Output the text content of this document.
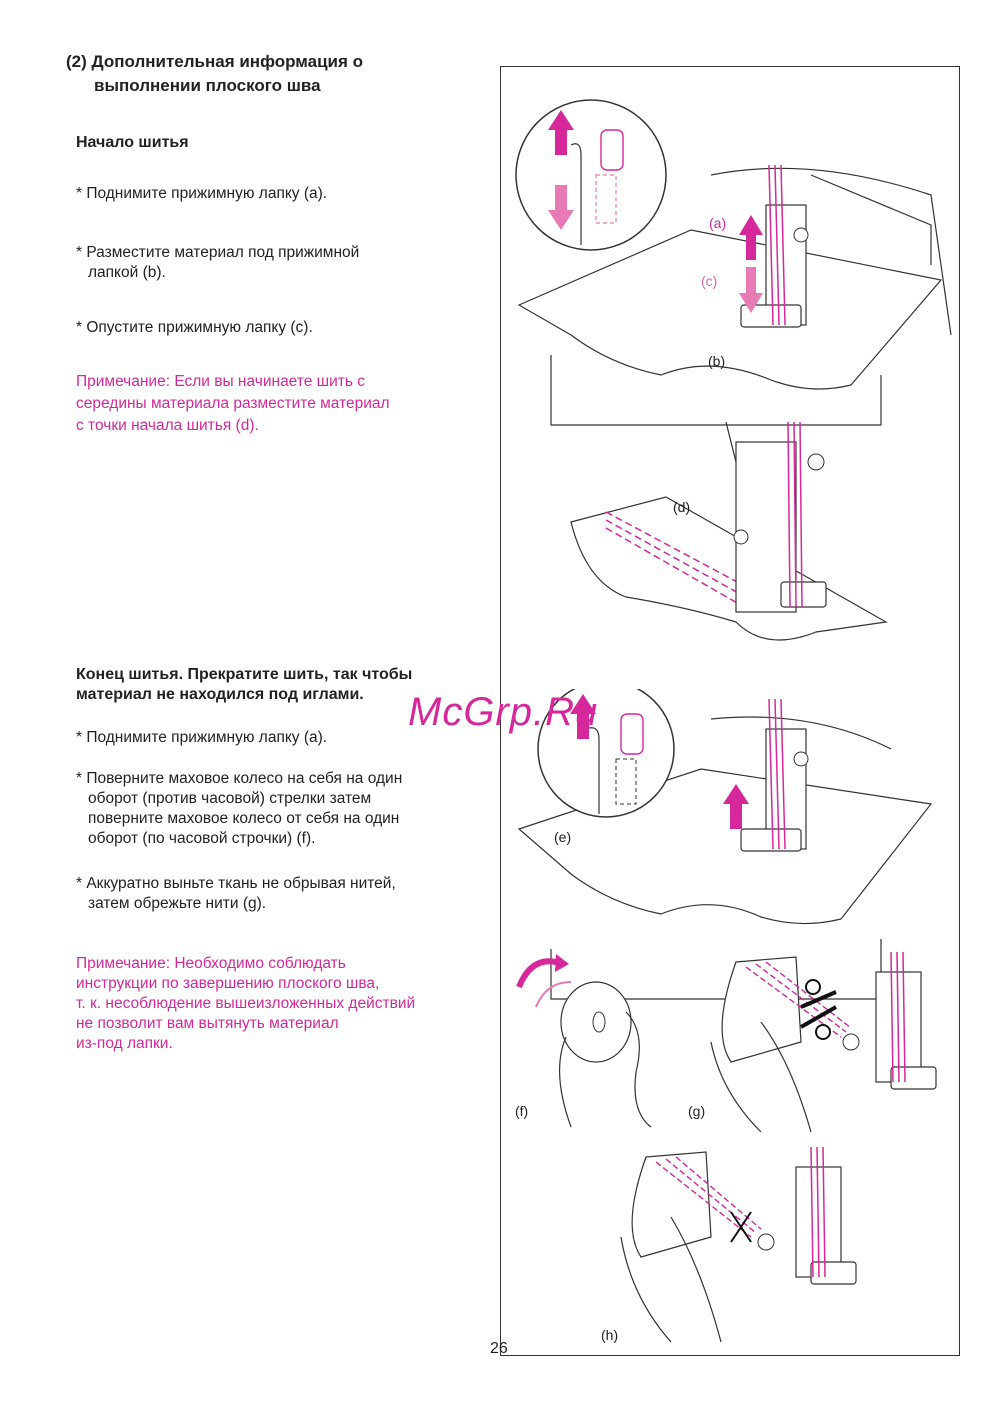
(2) Дополнительная информация о
выполнении плоского шва
Начало шитья
* Поднимите прижимную лапку (a).
* Разместите материал под прижимной
лапкой (b).
* Опустите прижимную лапку (c).
Примечание: Если вы начинаете шить с
середины материала разместите материал
с точки начала шитья (d).
Конец шитья. Прекратите шить, так чтобы
материал не находился под иглами.
* Поднимите прижимную лапку (a).
* Поверните маховое колесо на себя на один
оборот (против часовой) стрелки затем
поверните маховое колесо от себя на один
оборот (по часовой строчки) (f).
* Аккуратно выньте ткань не обрывая нитей,
затем обрежьте нити (g).
Примечание: Необходимо соблюдать
инструкции по завершению плоского шва,
т. к. несоблюдение вышеизложенных действий
не позволит вам вытянуть материал
из-под лапки.
(a)
(c)
(b)
(d)
(e)
(f)	(g)
(h)
McGrp.Ru
26
